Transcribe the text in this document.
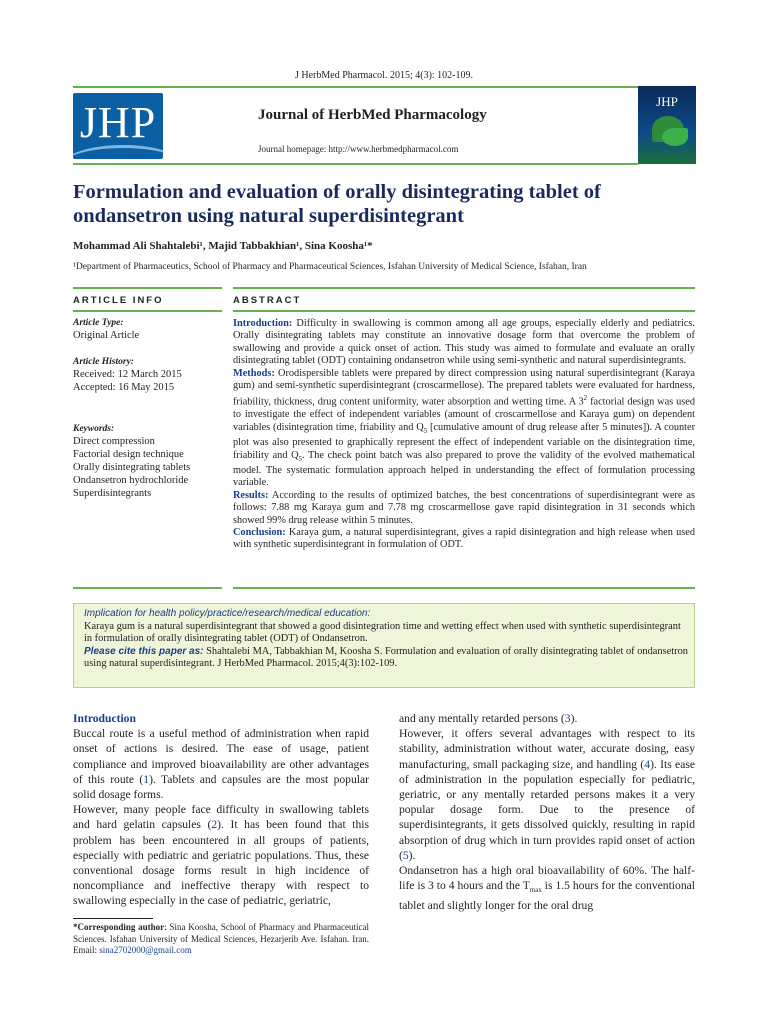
J HerbMed Pharmacol. 2015; 4(3): 102-109.
JHP	Journal of HerbMed Pharmacology
Journal homepage: http://www.herbmedpharmacol.com
JHP
Formulation and evaluation of orally disintegrating tablet of ondansetron using natural superdisintegrant
Mohammad Ali Shahtalebi¹, Majid Tabbakhian¹, Sina Koosha¹*
¹Department of Pharmaceutics, School of Pharmacy and Pharmaceutical Sciences, Isfahan University of Medical Science, Isfahan, Iran
ARTICLE INFO	ABSTRACT
Article Type:
Original Article
Article History:
Received: 12 March 2015
Accepted: 16 May 2015
Keywords:
Direct compression
Factorial design technique
Orally disintegrating tablets
Ondansetron hydrochloride
Superdisintegrants
Introduction: Difficulty in swallowing is common among all age groups, especially elderly and pediatrics. Orally disintegrating tablets may constitute an innovative dosage form that overcome the problem of swallowing and provide a quick onset of action. This study was aimed to formulate and evaluate an orally disintegrating tablet (ODT) containing ondansetron while using semi-synthetic and natural superdisintegrants.
Methods: Orodispersible tablets were prepared by direct compression using natural superdisintegrant (Karaya gum) and semi-synthetic superdisintegrant (croscarmellose). The prepared tablets were evaluated for hardness, friability, thickness, drug content uniformity, water absorption and wetting time. A $3^2$ factorial design was used to investigate the effect of independent variables (amount of croscarmellose and Karaya gum) on dependent variables (disintegration time, friability and $Q_5$ [cumulative amount of drug release after 5 minutes]). A counter plot was also presented to graphically represent the effect of independent variable on the disintegration time, friability and $Q_5$. The check point batch was also prepared to prove the validity of the evolved mathematical model. The systematic formulation approach helped in understanding the effect of formulation processing variable.
Results: According to the results of optimized batches, the best concentrations of superdisintegrant were as follows: 7.88 mg Karaya gum and 7.78 mg croscarmellose gave rapid disintegration in 31 seconds which showed 99% drug release within 5 minutes.
Conclusion: Karaya gum, a natural superdisintegrant, gives a rapid disintegration and high release when used with synthetic superdisintegrant in formulation of ODT.
Implication for health policy/practice/research/medical education:
Karaya gum is a natural superdisintegrant that showed a good disintegration time and wetting effect when used with synthetic superdisintegrant in formulation of orally disintegrating tablet (ODT) of Ondansetron.
Please cite this paper as: Shahtalebi MA, Tabbakhian M, Koosha S. Formulation and evaluation of orally disintegrating tablet of ondansetron using natural superdisintegrant. J HerbMed Pharmacol. 2015;4(3):102-109.
Introduction
Buccal route is a useful method of administration when rapid onset of actions is desired. The ease of usage, patient compliance and improved bioavailability are other advantages of this route (1). Tablets and capsules are the most popular solid dosage forms.
However, many people face difficulty in swallowing tablets and hard gelatin capsules (2). It has been found that this problem has been encountered in all groups of patients, especially with pediatric and geriatric populations. Thus, these conventional dosage forms result in high incidence of noncompliance and ineffective therapy with respect to swallowing especially in the case of pediatric, geriatric,
and any mentally retarded persons (3).
However, it offers several advantages with respect to its stability, administration without water, accurate dosing, easy manufacturing, small packaging size, and handling (4). Its ease of administration in the population especially for pediatric, geriatric, or any mentally retarded persons makes it a very popular dosage form. Due to the presence of superdisintegrants, it gets dissolved quickly, resulting in rapid absorption of drug which in turn provides rapid onset of action (5).
Ondansetron has a high oral bioavailability of 60%. The half-life is 3 to 4 hours and the $T_{max}$ is 1.5 hours for the conventional tablet and slightly longer for the oral drug
*Corresponding author: Sina Koosha, School of Pharmacy and Pharmaceutical Sciences. Isfahan University of Medical Sciences, Hezarjerib Ave. Isfahan. Iran. Email: sina2702000@gmail.com
